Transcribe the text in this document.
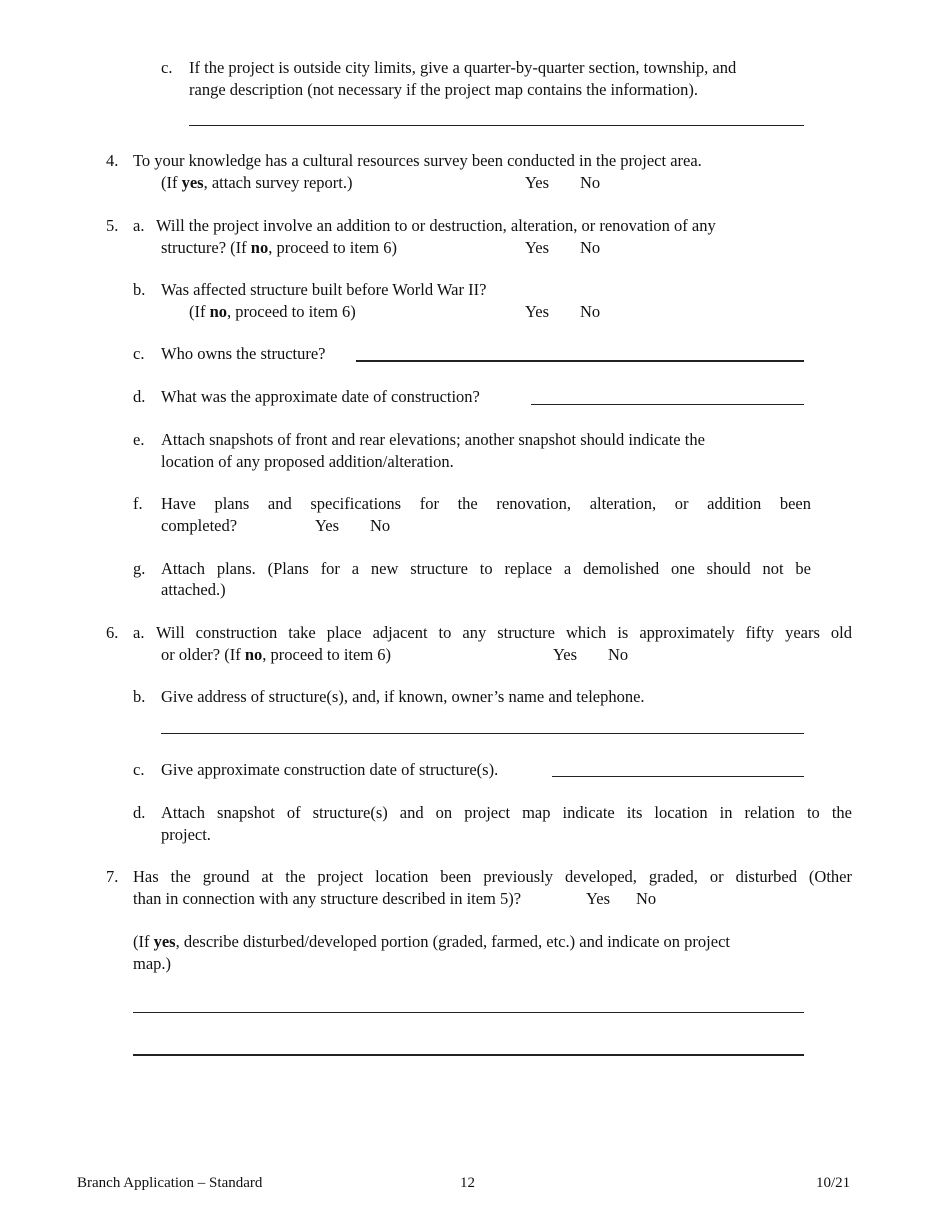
c. If the project is outside city limits, give a quarter-by-quarter section, township, and
range description (not necessary if the project map contains the information).
4. To your knowledge has a cultural resources survey been conducted in the project area.
(If yes, attach survey report.)	Yes No
5. a. Will the project involve an addition to or destruction, alteration, or renovation of any
structure? (If no, proceed to item 6)	Yes No
b. Was affected structure built before World War II?
(If no, proceed to item 6)	Yes No
c. Who owns the structure?
d. What was the approximate date of construction?
e. Attach snapshots of front and rear elevations; another snapshot should indicate the
location of any proposed addition/alteration.
f. Have plans and specifications for the renovation, alteration, or addition been
completed?	Yes No
g. Attach plans. (Plans for a new structure to replace a demolished one should not be
attached.)
6. a. Will construction take place adjacent to any structure which is approximately fifty years old
or older? (If no, proceed to item 6)	Yes No
b. Give address of structure(s), and, if known, owner’s name and telephone.
c. Give approximate construction date of structure(s).
d. Attach snapshot of structure(s) and on project map indicate its location in relation to the
project.
7. Has the ground at the project location been previously developed, graded, or disturbed (Other
than in connection with any structure described in item 5)?	Yes No
(If yes, describe disturbed/developed portion (graded, farmed, etc.) and indicate on project
map.)
Branch Application – Standard	12	10/21
